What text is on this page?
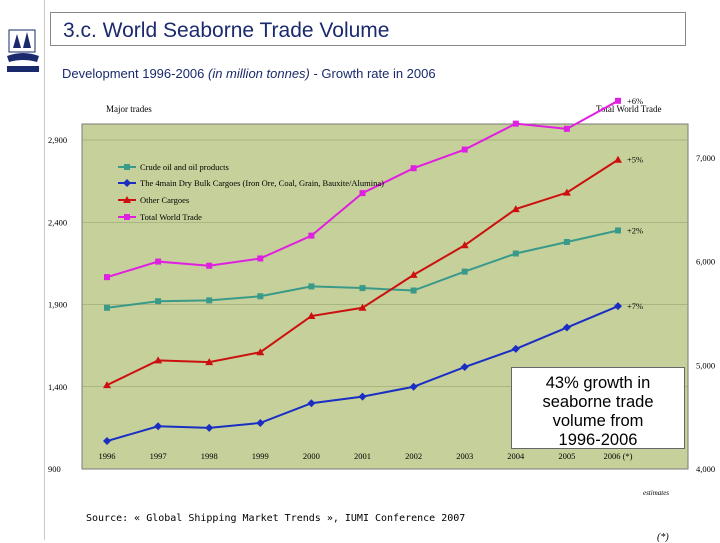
3.c. World Seaborne Trade Volume
Development 1996-2006 (in million tonnes) - Growth rate in 2006
900
1,400
1,900
2,400
2,900
4,000
5,000
6,000
7,000
Major trades	Total World Trade
1996	1997	1998	1999	2000	2001	2002	2003	2004	2005	2006 (*)
estimates
+2%
+7%
+5%
+6%
Crude oil and oil products
The 4main Dry Bulk Cargoes (Iron Ore, Coal, Grain, Bauxite/Alumina)
Other Cargoes
Total World Trade
43% growth in
seaborne trade
volume from
1996-2006
Source: « Global Shipping Market Trends », IUMI Conference 2007
(*)
